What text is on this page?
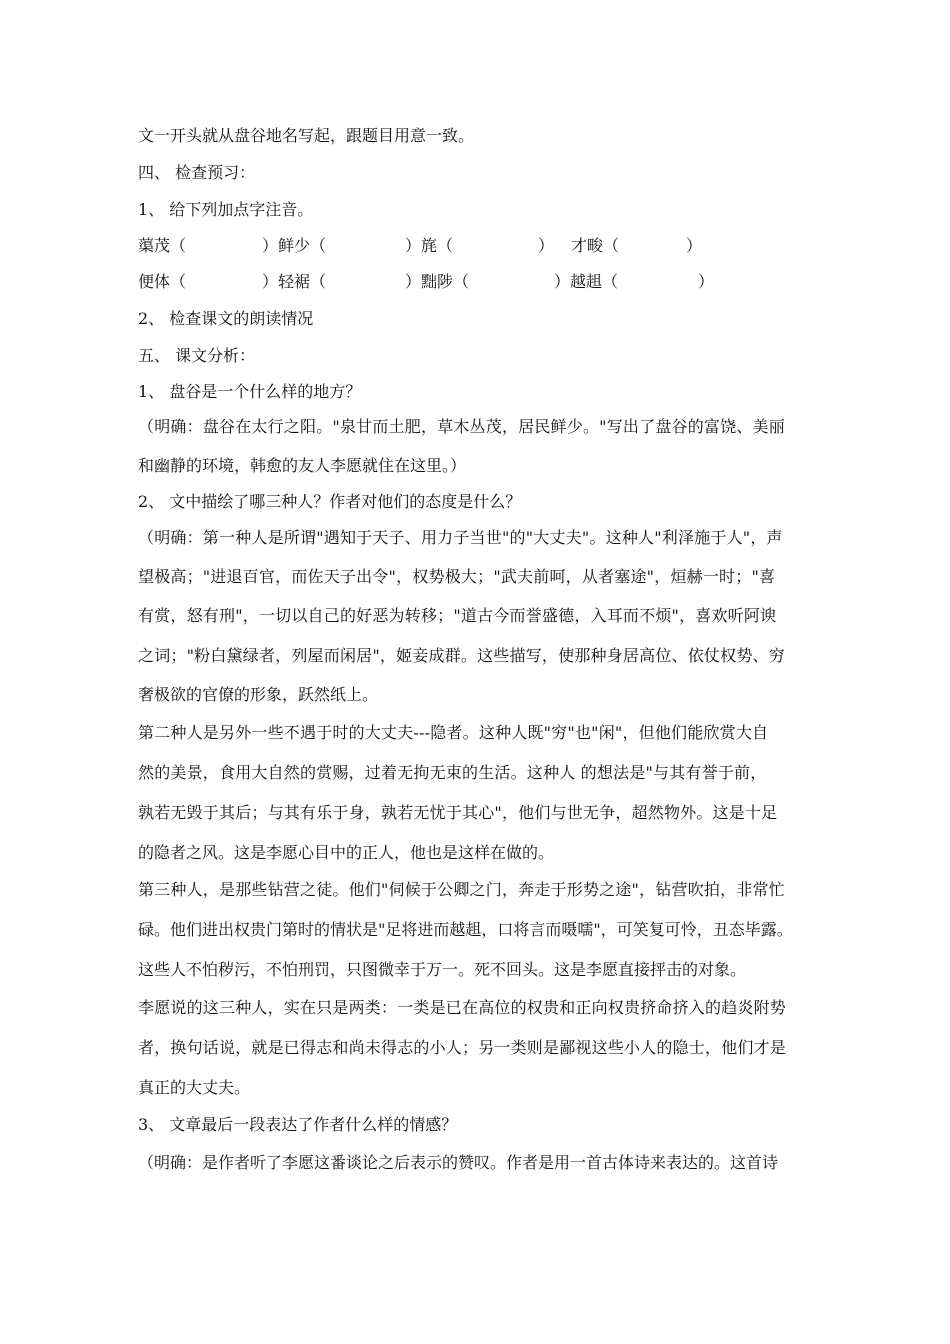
文一开头就从盘谷地名写起，跟题目用意一致。
四、 检查预习：
1、 给下列加点字注音。
蕖茂（	）鲜少（	）旄（	） 才畯（	）
便体（	）轻裾（	）黜陟（	）越趄（	）
2、 检查课文的朗读情况
五、 课文分析：
1、 盘谷是一个什么样的地方？
（明确：盘谷在太行之阳。"泉甘而土肥，草木丛茂，居民鲜少。"写出了盘谷的富饶、美丽
和幽静的环境，韩愈的友人李愿就住在这里。）
2、 文中描绘了哪三种人？作者对他们的态度是什么？
（明确：第一种人是所谓"遇知于天子、用力子当世"的"大丈夫"。这种人"利泽施于人"，声
望极高；"进退百官，而佐天子出令"，权势极大；"武夫前呵，从者塞途"，烜赫一时；"喜
有赏，怒有刑"，一切以自己的好恶为转移；"道古今而誉盛德，入耳而不烦"，喜欢听阿谀
之词；"粉白黛绿者，列屋而闲居"，姬妾成群。这些描写，使那种身居高位、依仗权势、穷
奢极欲的官僚的形象，跃然纸上。
第二种人是另外一些不遇于时的大丈夫---隐者。这种人既"穷"也"闲"，但他们能欣赏大自
然的美景，食用大自然的赏赐，过着无拘无束的生活。这种人 的想法是"与其有誉于前，
孰若无毁于其后；与其有乐于身，孰若无忧于其心"，他们与世无争，超然物外。这是十足
的隐者之风。这是李愿心目中的正人，他也是这样在做的。
第三种人，是那些钻营之徒。他们"伺候于公卿之门，奔走于形势之途"，钻营吹拍，非常忙
碌。他们进出权贵门第时的情状是"足将进而越趄，口将言而嗫嚅"，可笑复可怜，丑态毕露。
这些人不怕秽污，不怕刑罚，只图微幸于万一。死不回头。这是李愿直接抨击的对象。
李愿说的这三种人，实在只是两类：一类是已在高位的权贵和正向权贵挤命挤入的趋炎附势
者，换句话说，就是已得志和尚未得志的小人；另一类则是鄙视这些小人的隐士，他们才是
真正的大丈夫。
3、 文章最后一段表达了作者什么样的情感？
（明确：是作者听了李愿这番谈论之后表示的赞叹。作者是用一首古体诗来表达的。这首诗
